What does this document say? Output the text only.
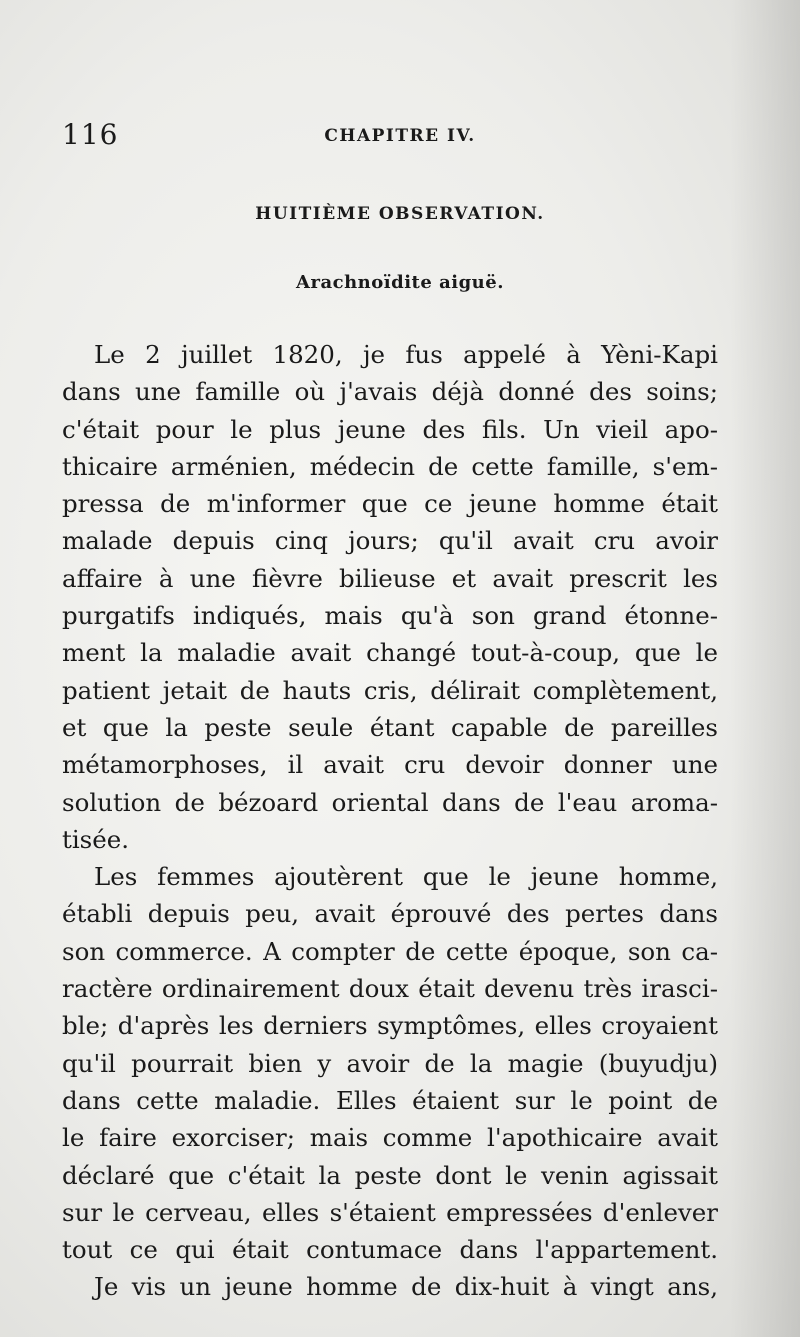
116	CHAPITRE IV.
HUITIÈME OBSERVATION.
Arachnoïdite aiguë.
Le 2 juillet 1820, je fus appelé à Yèni-Kapi
dans une famille où j'avais déjà donné des soins;
c'était pour le plus jeune des fils. Un vieil apo-
thicaire arménien, médecin de cette famille, s'em-
pressa de m'informer que ce jeune homme était
malade depuis cinq jours; qu'il avait cru avoir
affaire à une fièvre bilieuse et avait prescrit les
purgatifs indiqués, mais qu'à son grand étonne-
ment la maladie avait changé tout-à-coup, que le
patient jetait de hauts cris, délirait complètement,
et que la peste seule étant capable de pareilles
métamorphoses, il avait cru devoir donner une
solution de bézoard oriental dans de l'eau aroma-
tisée.
Les femmes ajoutèrent que le jeune homme,
établi depuis peu, avait éprouvé des pertes dans
son commerce. A compter de cette époque, son ca-
ractère ordinairement doux était devenu très irasci-
ble; d'après les derniers symptômes, elles croyaient
qu'il pourrait bien y avoir de la magie (buyudju)
dans cette maladie. Elles étaient sur le point de
le faire exorciser; mais comme l'apothicaire avait
déclaré que c'était la peste dont le venin agissait
sur le cerveau, elles s'étaient empressées d'enlever
tout ce qui était contumace dans l'appartement.
Je vis un jeune homme de dix-huit à vingt ans,
